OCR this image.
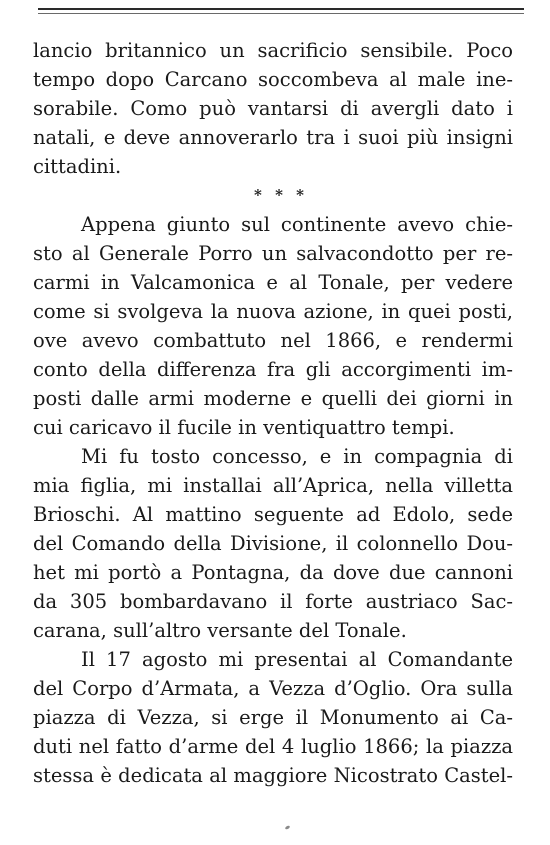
lancio britannico un sacrificio sensibile. Poco
tempo dopo Carcano soccombeva al male ine-
sorabile. Como può vantarsi di avergli dato i
natali, e deve annoverarlo tra i suoi più insigni
cittadini.
* * *
Appena giunto sul continente avevo chie-
sto al Generale Porro un salvacondotto per re-
carmi in Valcamonica e al Tonale, per vedere
come si svolgeva la nuova azione, in quei posti,
ove avevo combattuto nel 1866, e rendermi
conto della differenza fra gli accorgimenti im-
posti dalle armi moderne e quelli dei giorni in
cui caricavo il fucile in ventiquattro tempi.
Mi fu tosto concesso, e in compagnia di
mia figlia, mi installai all’Aprica, nella villetta
Brioschi. Al mattino seguente ad Edolo, sede
del Comando della Divisione, il colonnello Dou-
het mi portò a Pontagna, da dove due cannoni
da 305 bombardavano il forte austriaco Sac-
carana, sull’altro versante del Tonale.
Il 17 agosto mi presentai al Comandante
del Corpo d’Armata, a Vezza d’Oglio. Ora sulla
piazza di Vezza, si erge il Monumento ai Ca-
duti nel fatto d’arme del 4 luglio 1866; la piazza
stessa è dedicata al maggiore Nicostrato Castel-
